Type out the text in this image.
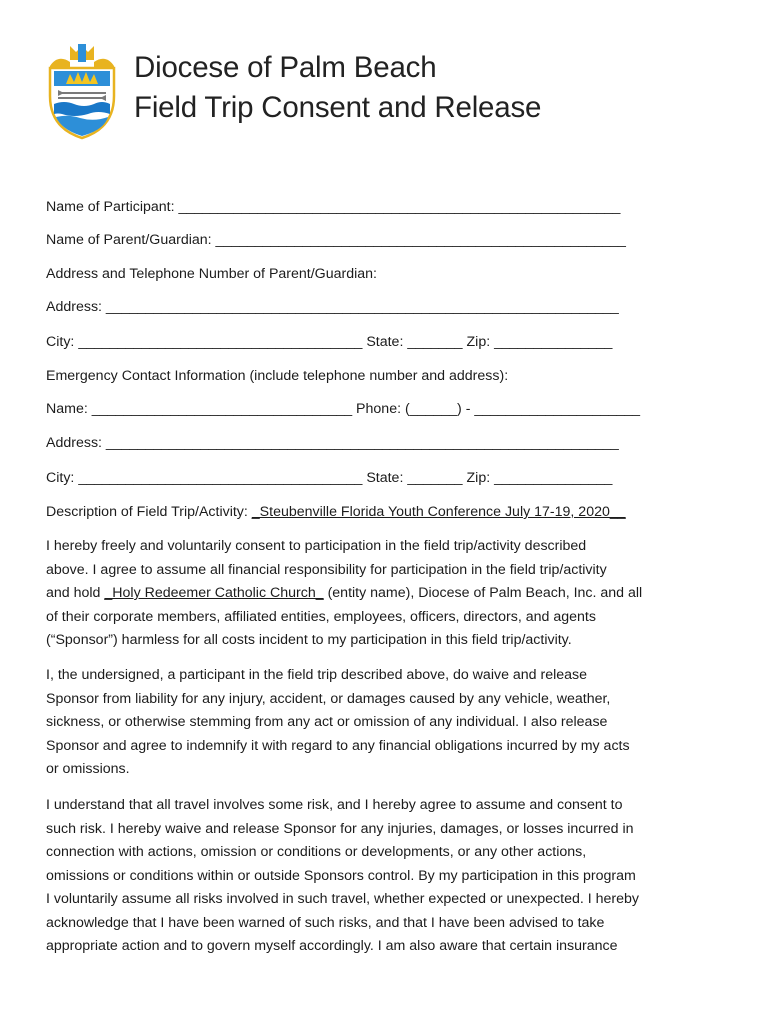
Diocese of Palm Beach
Field Trip Consent and Release
Name of Participant: ________________________________________________________
Name of Parent/Guardian: ____________________________________________________
Address and Telephone Number of Parent/Guardian:
Address: _________________________________________________________________
City: ____________________________________ State: _______ Zip: _______________
Emergency Contact Information (include telephone number and address):
Name: _________________________________ Phone: (______) - _____________________
Address: _________________________________________________________________
City: ____________________________________ State: _______ Zip: _______________
Description of Field Trip/Activity: _Steubenville Florida Youth Conference July 17-19, 2020__
I hereby freely and voluntarily consent to participation in the field trip/activity described
above. I agree to assume all financial responsibility for participation in the field trip/activity
and hold _Holy Redeemer Catholic Church_ (entity name), Diocese of Palm Beach, Inc. and all
of their corporate members, affiliated entities, employees, officers, directors, and agents
(“Sponsor”) harmless for all costs incident to my participation in this field trip/activity.
I, the undersigned, a participant in the field trip described above, do waive and release
Sponsor from liability for any injury, accident, or damages caused by any vehicle, weather,
sickness, or otherwise stemming from any act or omission of any individual. I also release
Sponsor and agree to indemnify it with regard to any financial obligations incurred by my acts
or omissions.
I understand that all travel involves some risk, and I hereby agree to assume and consent to
such risk. I hereby waive and release Sponsor for any injuries, damages, or losses incurred in
connection with actions, omission or conditions or developments, or any other actions,
omissions or conditions within or outside Sponsors control. By my participation in this program
I voluntarily assume all risks involved in such travel, whether expected or unexpected. I hereby
acknowledge that I have been warned of such risks, and that I have been advised to take
appropriate action and to govern myself accordingly. I am also aware that certain insurance
